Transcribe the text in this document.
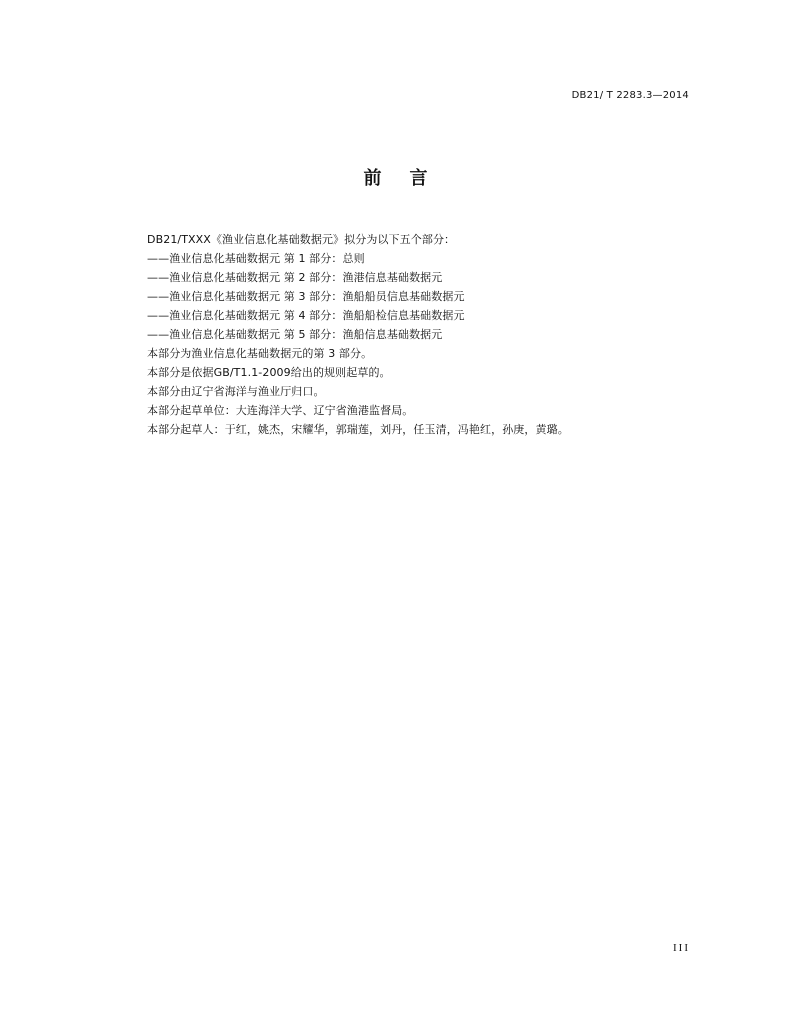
DB21/ T 2283.3—2014
前言
DB21/TXXX《渔业信息化基础数据元》拟分为以下五个部分：
——渔业信息化基础数据元 第 1 部分：总则
——渔业信息化基础数据元 第 2 部分：渔港信息基础数据元
——渔业信息化基础数据元 第 3 部分：渔船船员信息基础数据元
——渔业信息化基础数据元 第 4 部分：渔船船检信息基础数据元
——渔业信息化基础数据元 第 5 部分：渔船信息基础数据元
本部分为渔业信息化基础数据元的第 3 部分。
本部分是依据GB/T1.1-2009给出的规则起草的。
本部分由辽宁省海洋与渔业厅归口。
本部分起草单位：大连海洋大学、辽宁省渔港监督局。
本部分起草人：于红，姚杰，宋耀华，郭瑞莲，刘丹，任玉清，冯艳红，孙庚，黄璐。
III
